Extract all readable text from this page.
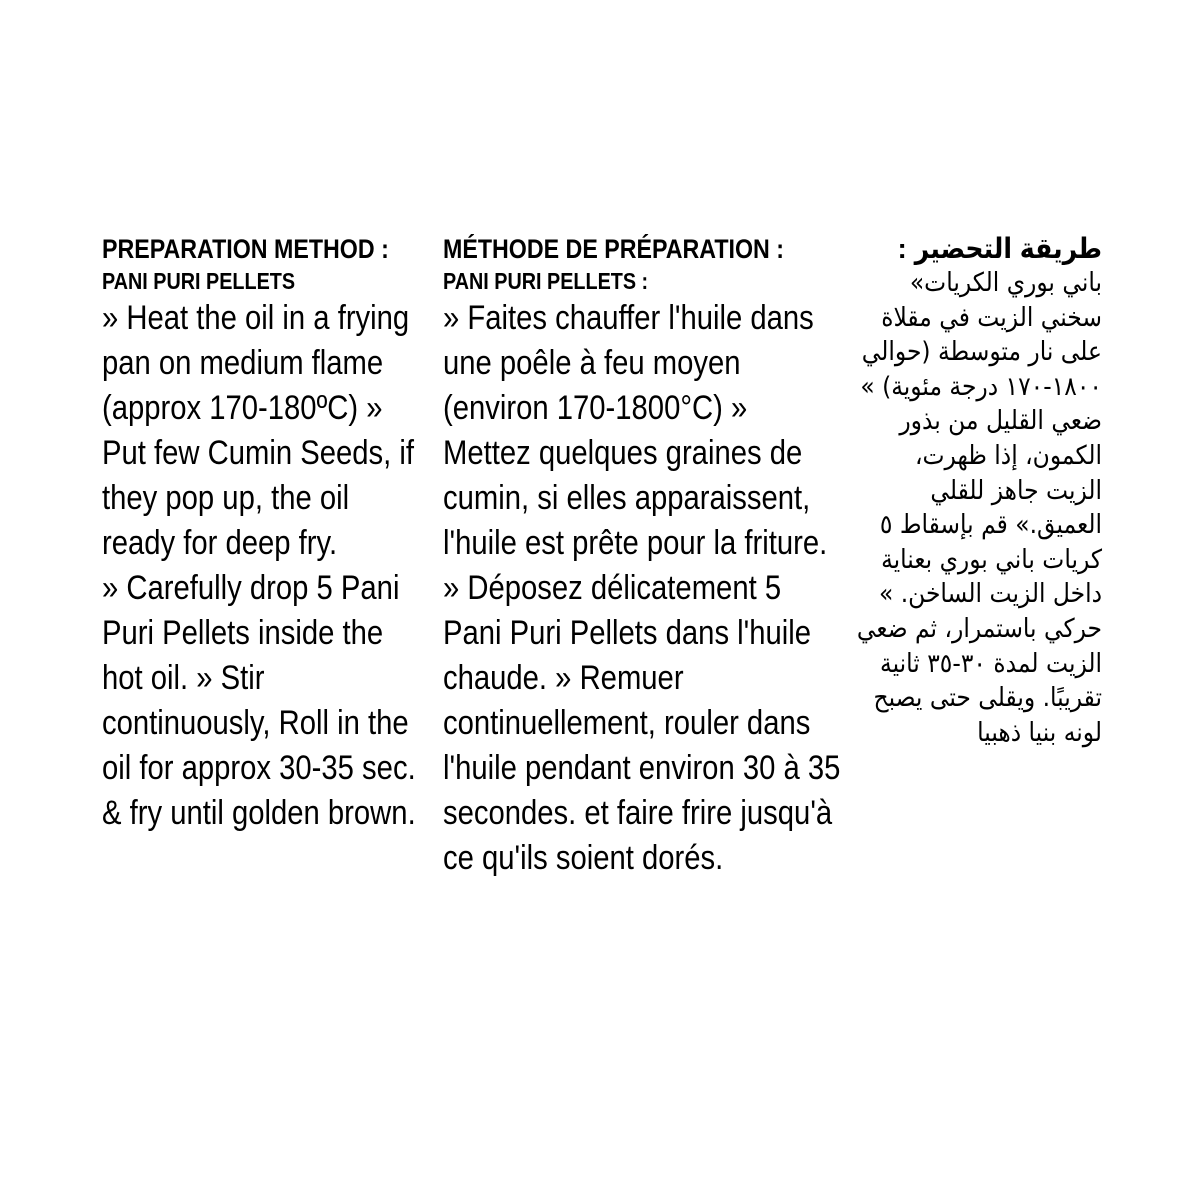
PREPARATION METHOD :
PANI PURI PELLETS

» Heat the oil in a frying pan on medium flame (approx 170-180ºC) » Put few Cumin Seeds, if they pop up, the oil ready for deep fry.

» Carefully drop 5 Pani Puri Pellets inside the hot oil. » Stir continuously, Roll in the oil for approx 30-35 sec. & fry until golden brown.

MÉTHODE DE PRÉPARATION :
PANI PURI PELLETS :

» Faites chauffer l'huile dans une poêle à feu moyen (environ 170-1800°C) » Mettez quelques graines de cumin, si elles apparaissent, l'huile est prête pour la friture.

» Déposez délicatement 5 Pani Puri Pellets dans l'huile chaude. » Remuer continuellement, rouler dans l'huile pendant environ 30 à 35 secondes. et faire frire jusqu'à ce qu'ils soient dorés.

طريقة التحضير :

باني بوري الكريات» سخني الزيت في مقلاة على نار متوسطة (حوالي ١٨٠٠-١٧٠ درجة مئوية) » ضعي القليل من بذور الكمون، إذا ظهرت، الزيت جاهز للقلي العميق.» قم بإسقاط ٥ كريات باني بوري بعناية داخل الزيت الساخن. » حركي باستمرار، ثم ضعي الزيت لمدة ٣٠-٣٥ ثانية تقريبًا. ويقلى حتى يصبح لونه بنيا ذهبيا
